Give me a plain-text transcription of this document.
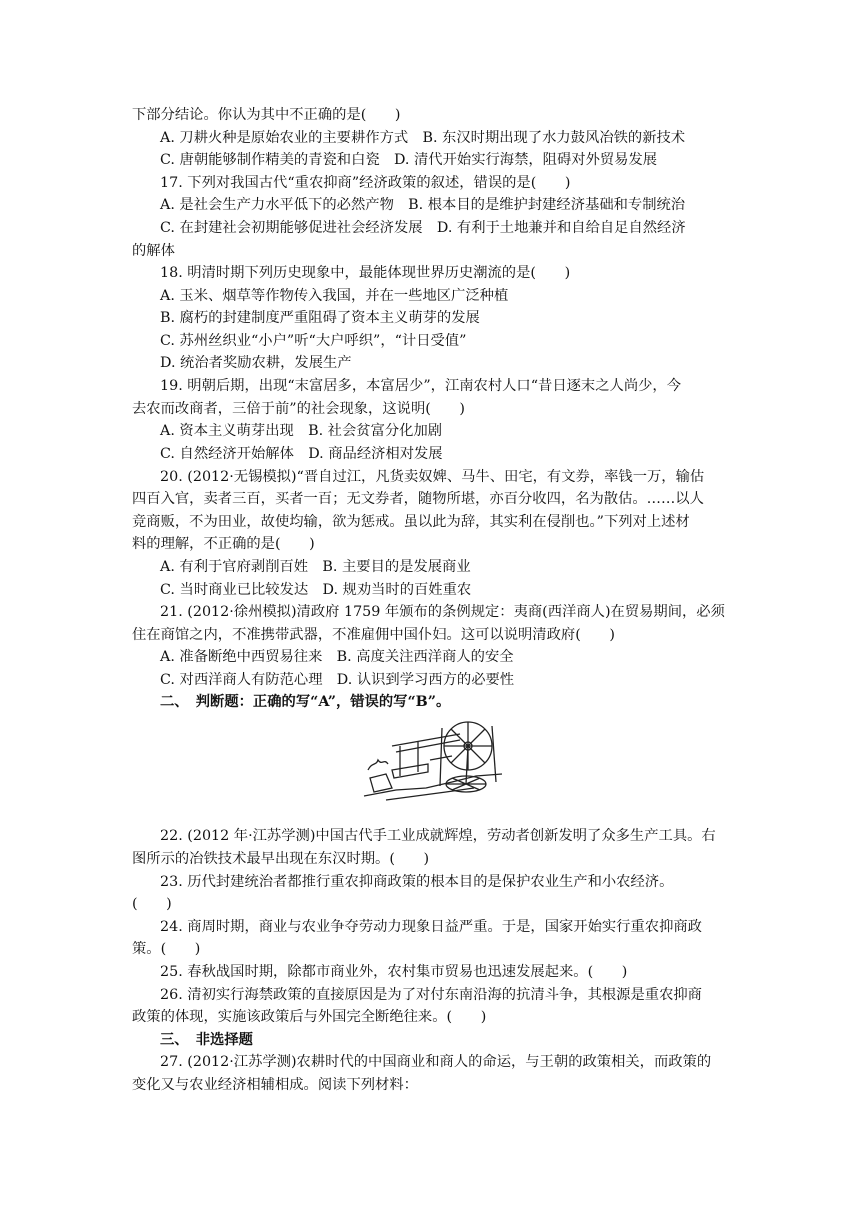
下部分结论。你认为其中不正确的是(　　)
A. 刀耕火种是原始农业的主要耕作方式　B. 东汉时期出现了水力鼓风冶铁的新技术
C. 唐朝能够制作精美的青瓷和白瓷　D. 清代开始实行海禁，阻碍对外贸易发展
17. 下列对我国古代“重农抑商”经济政策的叙述，错误的是(　　)
A. 是社会生产力水平低下的必然产物　B. 根本目的是维护封建经济基础和专制统治
C. 在封建社会初期能够促进社会经济发展　D. 有利于土地兼并和自给自足自然经济
的解体
18. 明清时期下列历史现象中，最能体现世界历史潮流的是(　　)
A. 玉米、烟草等作物传入我国，并在一些地区广泛种植
B. 腐朽的封建制度严重阻碍了资本主义萌芽的发展
C. 苏州丝织业“小户”听“大户呼织”，“计日受值”
D. 统治者奖励农耕，发展生产
19. 明朝后期，出现“末富居多，本富居少”，江南农村人口“昔日逐末之人尚少，今
去农而改商者，三倍于前”的社会现象，这说明(　　)
A. 资本主义萌芽出现　B. 社会贫富分化加剧
C. 自然经济开始解体　D. 商品经济相对发展
20. (2012·无锡模拟)“晋自过江，凡货卖奴婢、马牛、田宅，有文券，率钱一万，输估
四百入官，卖者三百，买者一百；无文券者，随物所堪，亦百分收四，名为散估。……以人
竞商贩，不为田业，故使均输，欲为惩戒。虽以此为辞，其实利在侵削也。”下列对上述材
料的理解，不正确的是(　　)
A. 有利于官府剥削百姓　B. 主要目的是发展商业
C. 当时商业已比较发达　D. 规劝当时的百姓重农
21. (2012·徐州模拟)清政府 1759 年颁布的条例规定：夷商(西洋商人)在贸易期间，必须
住在商馆之内，不准携带武器，不准雇佣中国仆妇。这可以说明清政府(　　)
A. 准备断绝中西贸易往来　B. 高度关注西洋商人的安全
C. 对西洋商人有防范心理　D. 认识到学习西方的必要性
二、　判断题：正确的写“A”，错误的写“B”。
22. (2012 年·江苏学测)中国古代手工业成就辉煌，劳动者创新发明了众多生产工具。右
图所示的冶铁技术最早出现在东汉时期。(　　)
23. 历代封建统治者都推行重农抑商政策的根本目的是保护农业生产和小农经济。
(　　)
24. 商周时期，商业与农业争夺劳动力现象日益严重。于是，国家开始实行重农抑商政
策。(　　)
25. 春秋战国时期，除都市商业外，农村集市贸易也迅速发展起来。(　　)
26. 清初实行海禁政策的直接原因是为了对付东南沿海的抗清斗争，其根源是重农抑商
政策的体现，实施该政策后与外国完全断绝往来。(　　)
三、　非选择题
27. (2012·江苏学测)农耕时代的中国商业和商人的命运，与王朝的政策相关，而政策的
变化又与农业经济相辅相成。阅读下列材料：
